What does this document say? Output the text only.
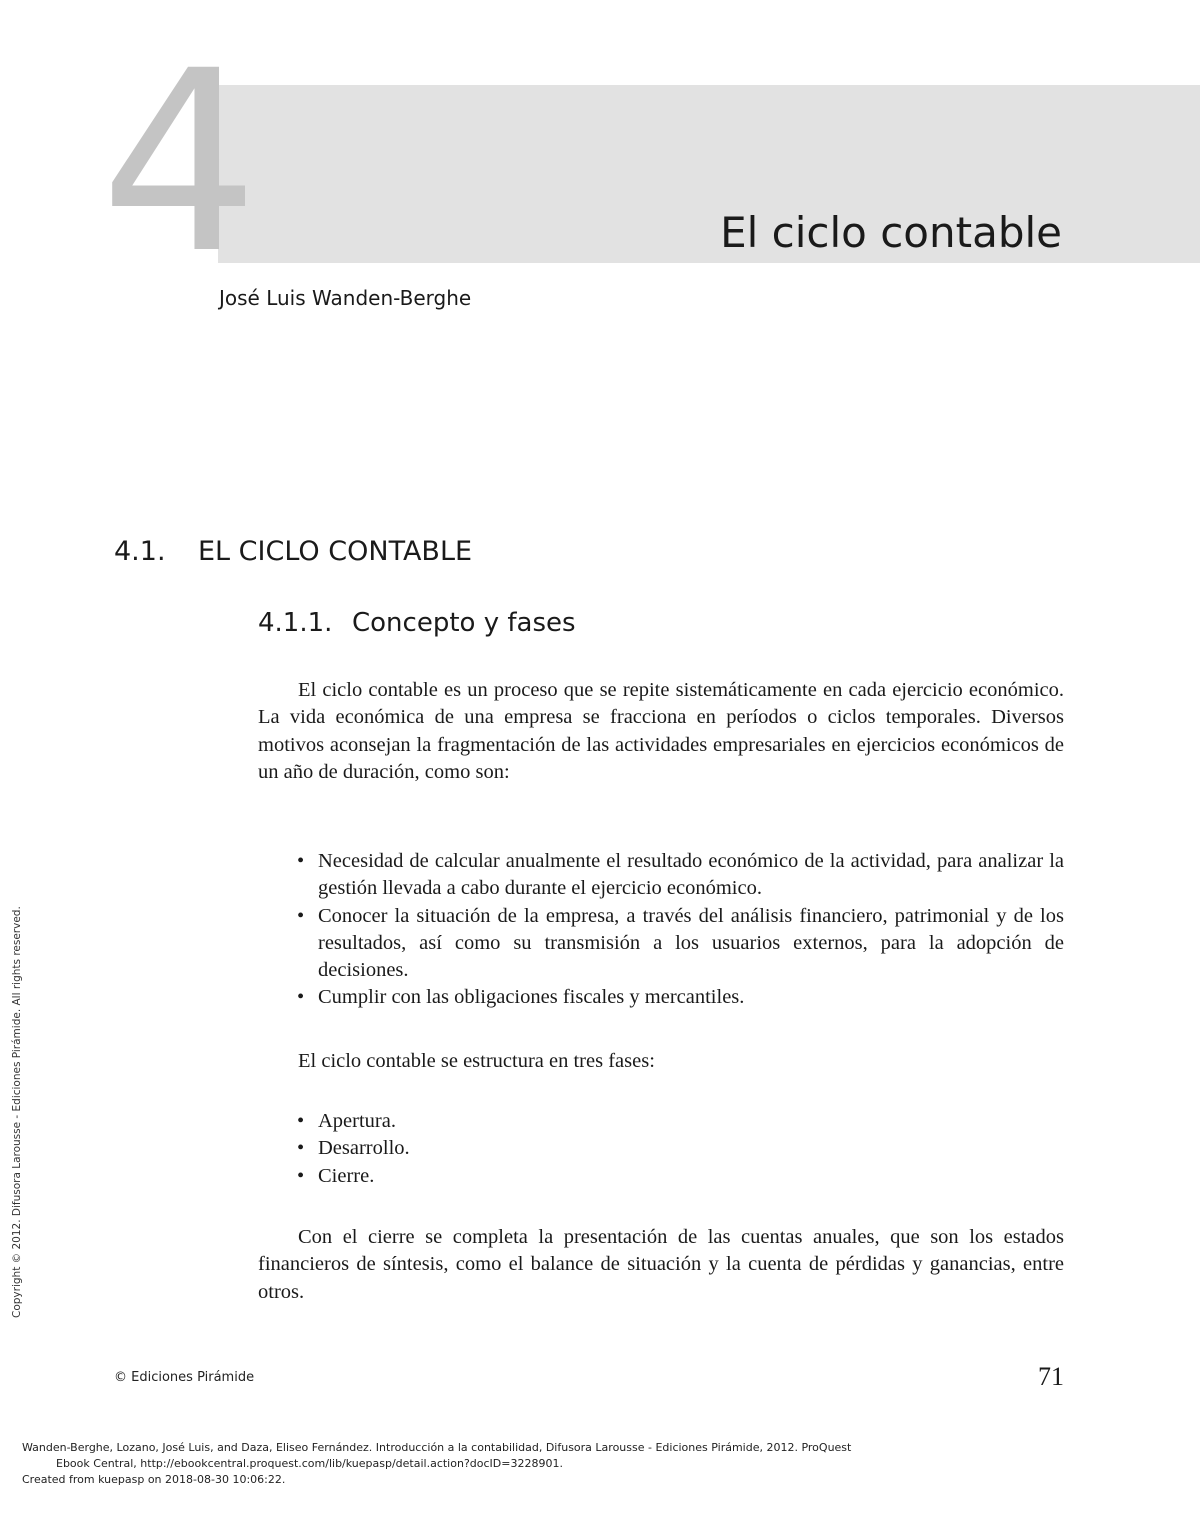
4	El ciclo contable
José Luis Wanden-Berghe
4.1. EL CICLO CONTABLE
4.1.1. Concepto y fases

El ciclo contable es un proceso que se repite sistemáticamente en cada ejercicio económico. La vida económica de una empresa se fracciona en períodos o ciclos temporales. Diversos motivos aconsejan la fragmentación de las actividades empresariales en ejercicios económicos de un año de duración, como son:

• Necesidad de calcular anualmente el resultado económico de la actividad, para analizar la gestión llevada a cabo durante el ejercicio económico.
• Conocer la situación de la empresa, a través del análisis financiero, patrimonial y de los resultados, así como su transmisión a los usuarios externos, para la adopción de decisiones.
• Cumplir con las obligaciones fiscales y mercantiles.

El ciclo contable se estructura en tres fases:

• Apertura.
• Desarrollo.
• Cierre.

Con el cierre se completa la presentación de las cuentas anuales, que son los estados financieros de síntesis, como el balance de situación y la cuenta de pérdidas y ganancias, entre otros.

© Ediciones Pirámide	71
Copyright © 2012. Difusora Larousse - Ediciones Pirámide. All rights reserved.
Wanden-Berghe, Lozano, José Luis, and Daza, Eliseo Fernández. Introducción a la contabilidad, Difusora Larousse - Ediciones Pirámide, 2012. ProQuest
Ebook Central, http://ebookcentral.proquest.com/lib/kuepasp/detail.action?docID=3228901.
Created from kuepasp on 2018-08-30 10:06:22.
